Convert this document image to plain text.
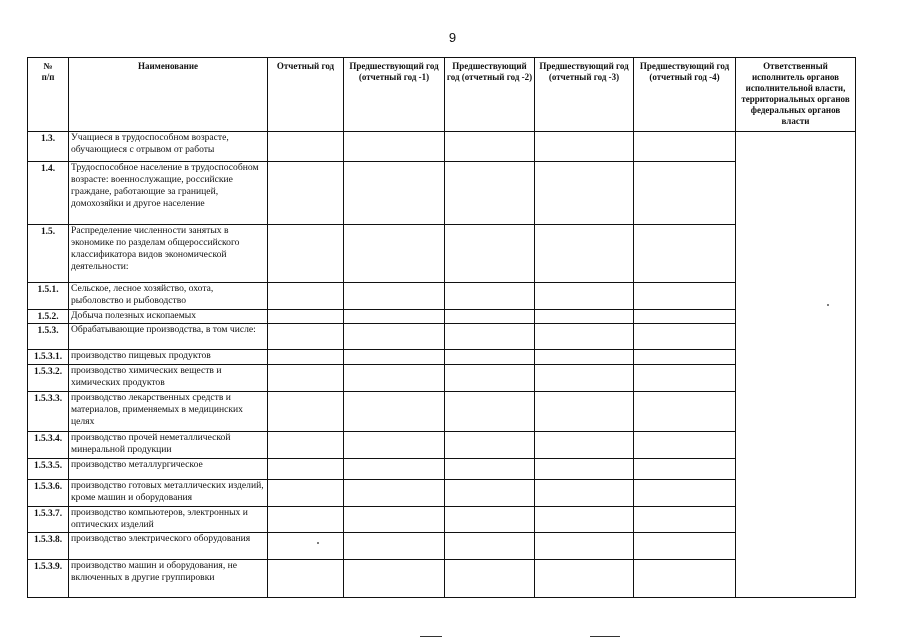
9
№
п/п	Наименование	Отчетный год	Предшествующий год (отчетный год -1)	Предшествующий год (отчетный год -2)	Предшествующий год (отчетный год -3)	Предшествующий год (отчетный год -4)	Ответственный исполнитель органов исполнительной власти, территориальных органов федеральных органов власти
1.3.	Учащиеся в трудоспособном возрасте, обучающиеся с отрывом от работы						
1.4.	Трудоспособное население в трудоспособном возрасте: военнослужащие, российские граждане, работающие за границей, домохозяйки и другое население						
1.5.	Распределение численности занятых в экономике по разделам общероссийского классификатора видов экономической деятельности:						
1.5.1.	Сельское, лесное хозяйство, охота, рыболовство и рыбоводство						
1.5.2.	Добыча полезных ископаемых						
1.5.3.	Обрабатывающие производства, в том числе:						
1.5.3.1.	производство пищевых продуктов						
1.5.3.2.	производство химических веществ и химических продуктов						
1.5.3.3.	производство лекарственных средств и материалов, применяемых в медицинских целях						
1.5.3.4.	производство прочей неметаллической минеральной продукции						
1.5.3.5.	производство металлургическое						
1.5.3.6.	производство готовых металлических изделий, кроме машин и оборудования						
1.5.3.7.	производство компьютеров, электронных и оптических изделий						
1.5.3.8.	производство электрического оборудования						
1.5.3.9.	производство машин и оборудования, не включенных в другие группировки						
